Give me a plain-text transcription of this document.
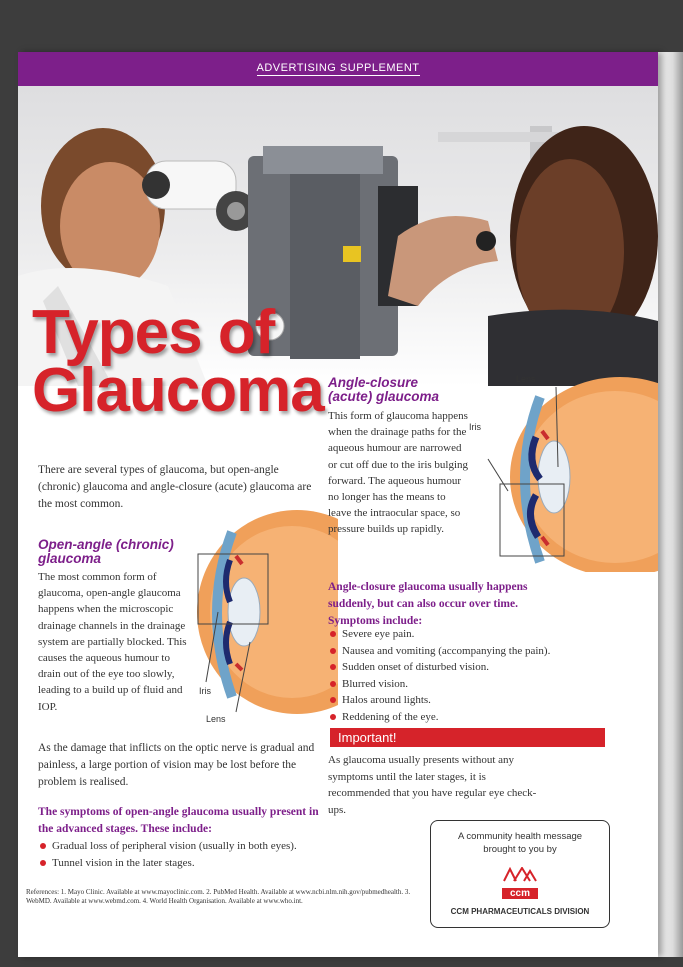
ADVERTISING SUPPLEMENT
Types of
Glaucoma

There are several types of glaucoma, but open-angle (chronic) glaucoma and angle-closure (acute) glaucoma are the most common.

Open-angle (chronic)

glaucoma

The most common form of glaucoma, open-angle glaucoma happens when the microscopic drainage channels in the drainage system are partially blocked. This causes the aqueous humour to drain out of the eye too slowly, leading to a build up of fluid and IOP.

Iris
Lens

As the damage that inflicts on the optic nerve is gradual and painless, a large portion of vision may be lost before the problem is realised.

The symptoms of open-angle glaucoma usually present in the advanced stages. These include:

Gradual loss of peripheral vision (usually in both eyes).
Tunnel vision in the later stages.

References: 1. Mayo Clinic. Available at www.mayoclinic.com. 2. PubMed Health. Available at www.ncbi.nlm.nih.gov/pubmedhealth. 3. WebMD. Available at www.webmd.com. 4. World Health Organisation. Available at www.who.int.

Angle-closure

(acute) glaucoma

This form of glaucoma happens when the drainage paths for the aqueous humour are narrowed or cut off due to the iris bulging forward. The aqueous humour no longer has the means to leave the intraocular space, so pressure builds up rapidly.

Lens
Iris

Angle-closure glaucoma usually happens suddenly, but can also occur over time. Symptoms include:

Severe eye pain.
Nausea and vomiting (accompanying the pain).
Sudden onset of disturbed vision.
Blurred vision.
Halos around lights.
Reddening of the eye.
Important!

As glaucoma usually presents without any symptoms until the later stages, it is recommended that you have regular eye check-ups.

A community health message
brought to you by
ccm
CCM PHARMACEUTICALS DIVISION
